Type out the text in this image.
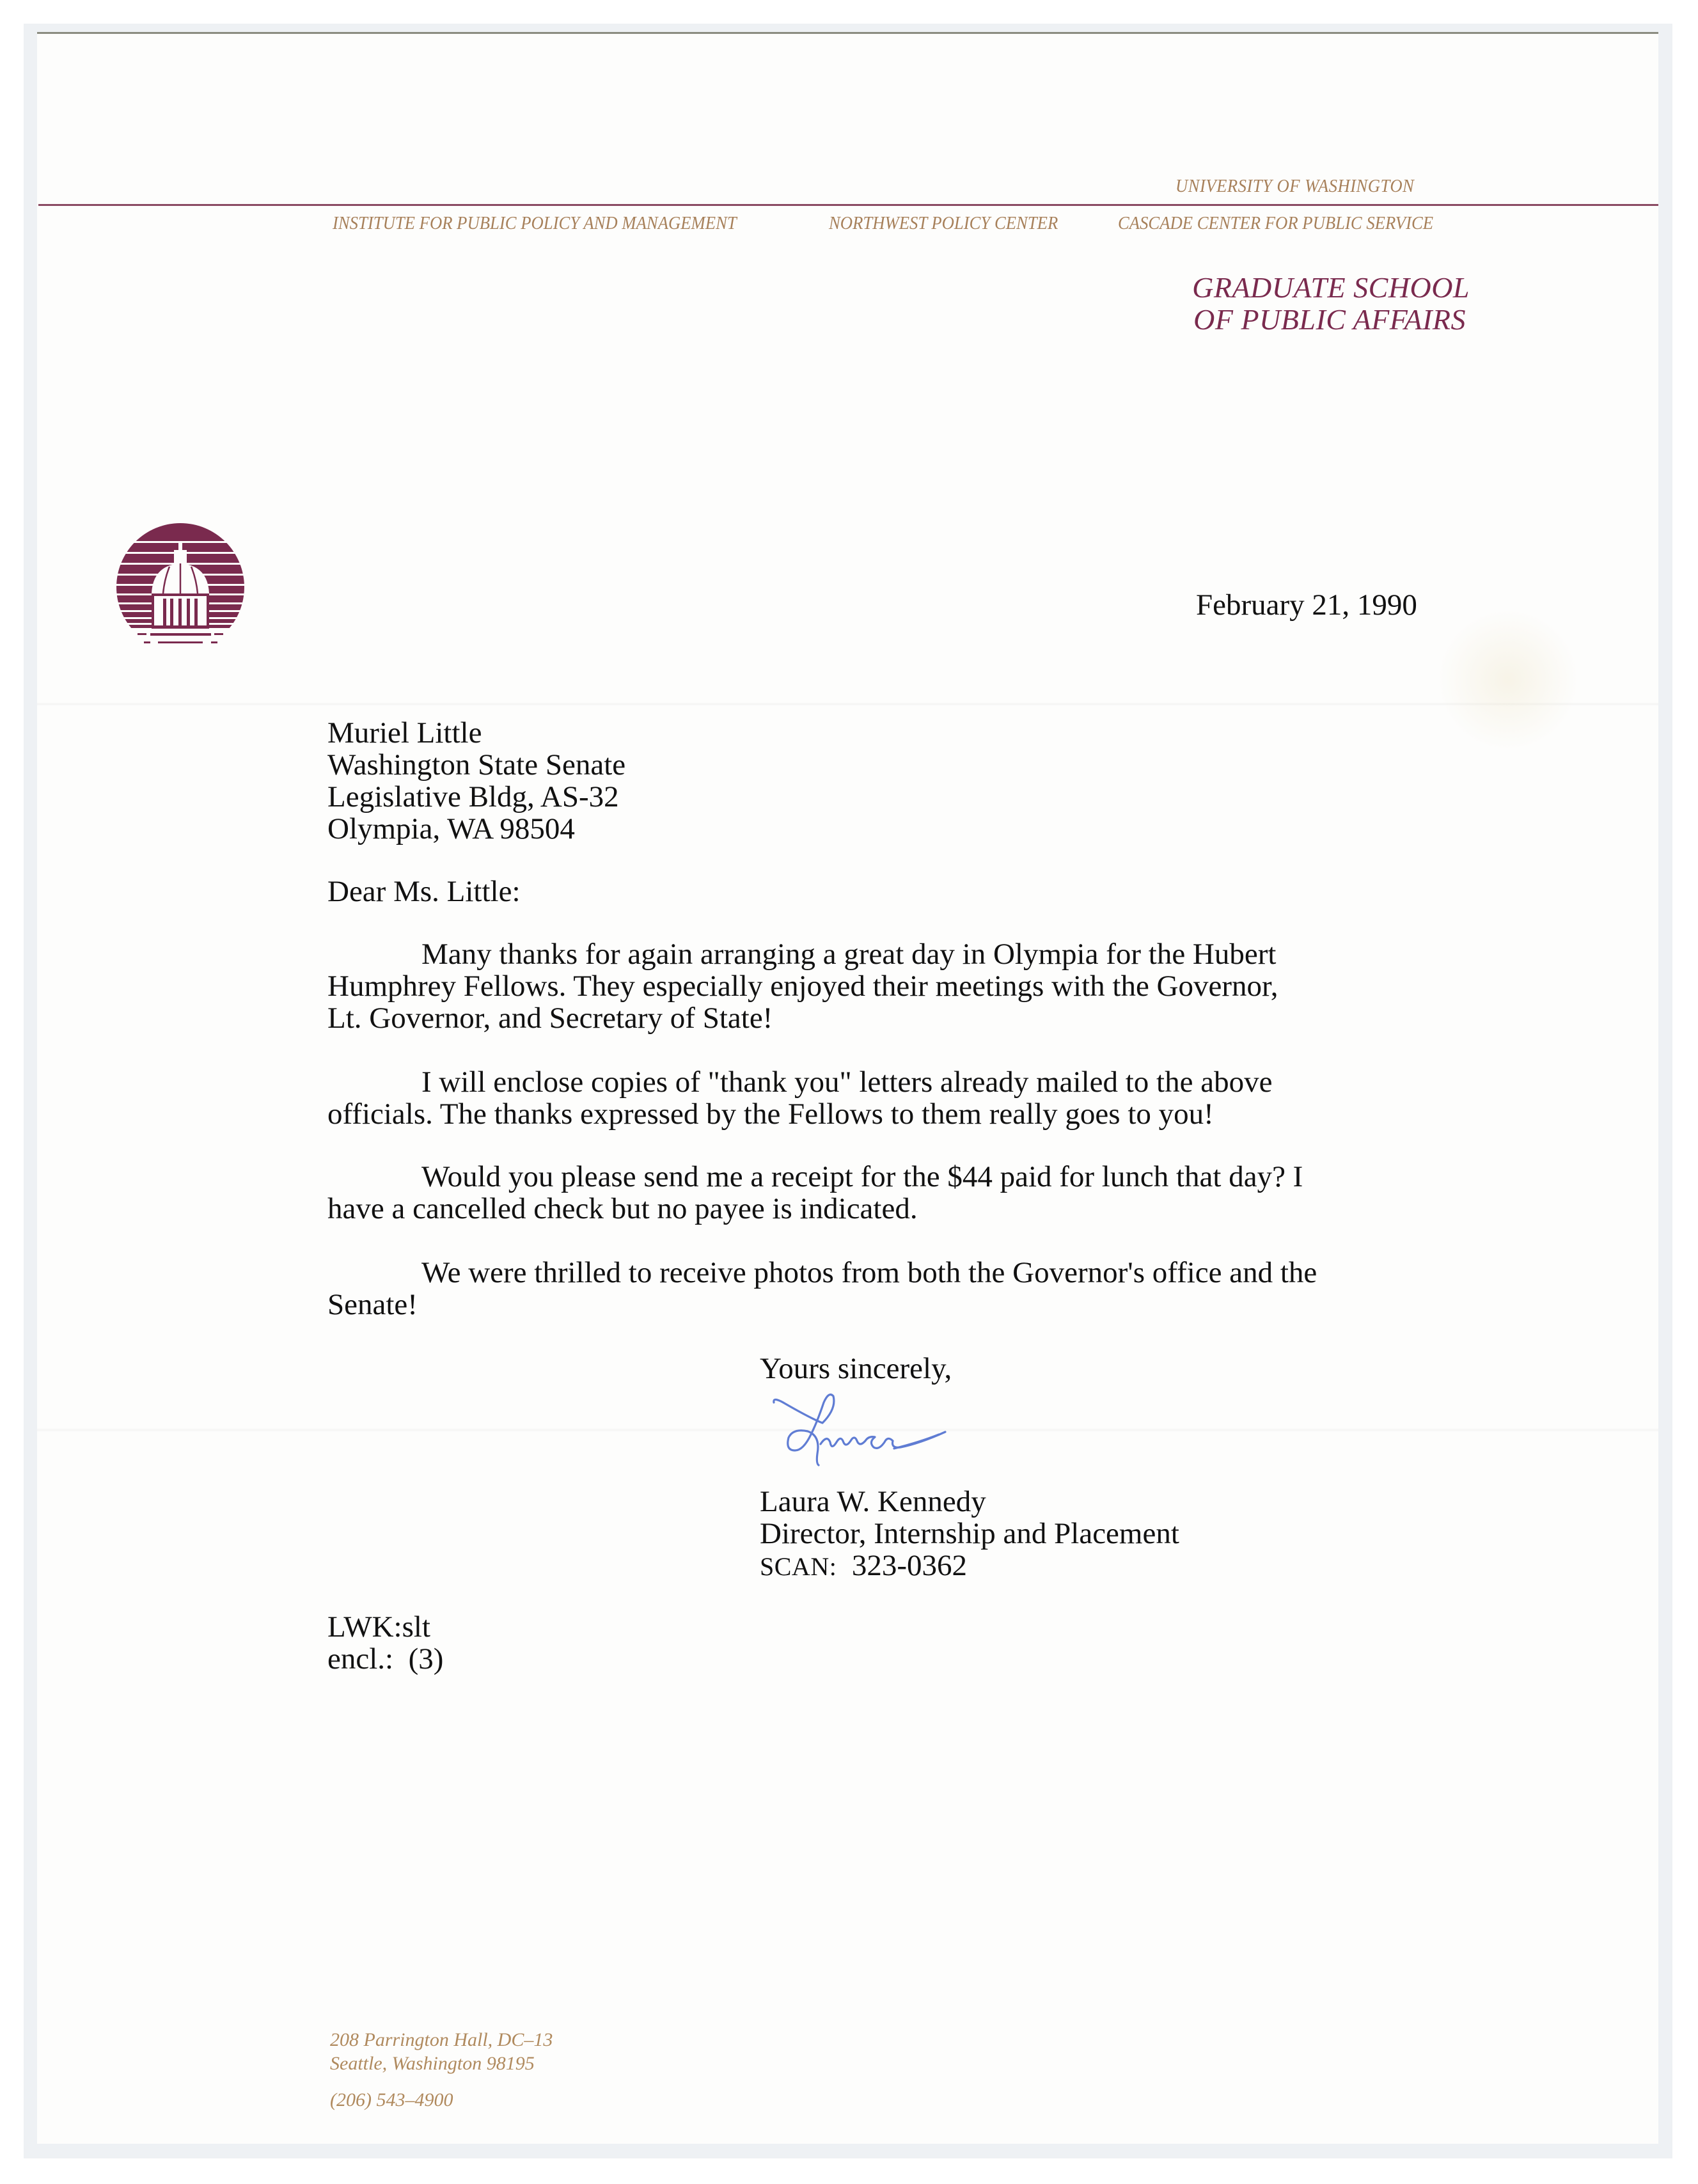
UNIVERSITY OF WASHINGTON
INSTITUTE FOR PUBLIC POLICY AND MANAGEMENT	NORTHWEST POLICY CENTER	CASCADE CENTER FOR PUBLIC SERVICE
GRADUATE SCHOOL
OF PUBLIC AFFAIRS
February 21, 1990
Muriel Little
Washington State Senate
Legislative Bldg, AS-32
Olympia, WA 98504
Dear Ms. Little:
Many thanks for again arranging a great day in Olympia for the Hubert
Humphrey Fellows. They especially enjoyed their meetings with the Governor,
Lt. Governor, and Secretary of State!
I will enclose copies of "thank you" letters already mailed to the above
officials. The thanks expressed by the Fellows to them really goes to you!
Would you please send me a receipt for the $44 paid for lunch that day? I
have a cancelled check but no payee is indicated.
We were thrilled to receive photos from both the Governor's office and the
Senate!
Yours sincerely,
Laura W. Kennedy
Director, Internship and Placement
SCAN: 323-0362
LWK:slt
encl.:  (3)
208 Parrington Hall, DC–13
Seattle, Washington 98195
(206) 543–4900
